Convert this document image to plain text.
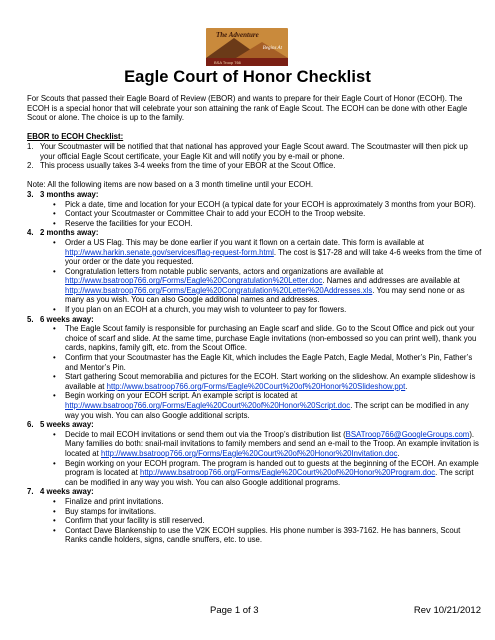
The Adventure
Begins At
BSA Troop 766
Eagle Court of Honor Checklist

For Scouts that passed their Eagle Board of Review (EBOR) and wants to prepare for their Eagle Court of Honor (ECOH). The ECOH is a special honor that will celebrate your son attaining the rank of Eagle Scout. The ECOH can be done with other Eagle Scout or alone. The choice is up to the family.

EBOR to ECOH Checklist:

1. Your Scoutmaster will be notified that that national has approved your Eagle Scout award. The Scoutmaster will then pick up your official Eagle Scout certificate, your Eagle Kit and will notify you by e-mail or phone.
2. This process usually takes 3-4 weeks from the time of your EBOR at the Scout Office.

Note: All the following items are now based on a 3 month timeline until your ECOH.

3. 3 months away:
• Pick a date, time and location for your ECOH (a typical date for your ECOH is approximately 3 months from your BOR).
• Contact your Scoutmaster or Committee Chair to add your ECOH to the Troop website.
• Reserve the facilities for your ECOH.
4. 2 months away:
• Order a US Flag. This may be done earlier if you want it flown on a certain date. This form is available at http://www.harkin.senate.gov/services/flag-request-form.html. The cost is $17-28 and will take 4-6 weeks from the time of your order or the date you requested.
• Congratulation letters from notable public servants, actors and organizations are available at http://www.bsatroop766.org/Forms/Eagle%20Congratulation%20Letter.doc. Names and addresses are available at http://www.bsatroop766.org/Forms/Eagle%20Congratulation%20Letter%20Addresses.xls. You may send none or as many as you wish. You can also Google additional names and addresses.
• If you plan on an ECOH at a church, you may wish to volunteer to pay for flowers.
5. 6 weeks away:
• The Eagle Scout family is responsible for purchasing an Eagle scarf and slide. Go to the Scout Office and pick out your choice of scarf and slide. At the same time, purchase Eagle invitations (non-embossed so you can print well), thank you cards, napkins, family gift, etc. from the Scout Office.
• Confirm that your Scoutmaster has the Eagle Kit, which includes the Eagle Patch, Eagle Medal, Mother’s Pin, Father’s and Mentor’s Pin.
• Start gathering Scout memorabilia and pictures for the ECOH. Start working on the slideshow. An example slideshow is available at http://www.bsatroop766.org/Forms/Eagle%20Court%20of%20Honor%20Slideshow.ppt.
• Begin working on your ECOH script. An example script is located at http://www.bsatroop766.org/Forms/Eagle%20Court%20of%20Honor%20Script.doc. The script can be modified in any way you wish. You can also Google additional scripts.
6. 5 weeks away:
• Decide to mail ECOH invitations or send them out via the Troop’s distribution list (BSATroop766@GoogleGroups.com). Many families do both: snail-mail invitations to family members and send an e-mail to the Troop. An example invitation is located at http://www.bsatroop766.org/Forms/Eagle%20Court%20of%20Honor%20Invitation.doc.
• Begin working on your ECOH program. The program is handed out to guests at the beginning of the ECOH. An example program is located at http://www.bsatroop766.org/Forms/Eagle%20Court%20of%20Honor%20Program.doc. The script can be modified in any way you wish. You can also Google additional programs.
7. 4 weeks away:
• Finalize and print invitations.
• Buy stamps for invitations.
• Confirm that your facility is still reserved.
• Contact Dave Blankenship to use the V2K ECOH supplies. His phone number is 393-7162. He has banners, Scout Ranks candle holders, signs, candle snuffers, etc. to use.
Page 1 of 3	Rev 10/21/2012
